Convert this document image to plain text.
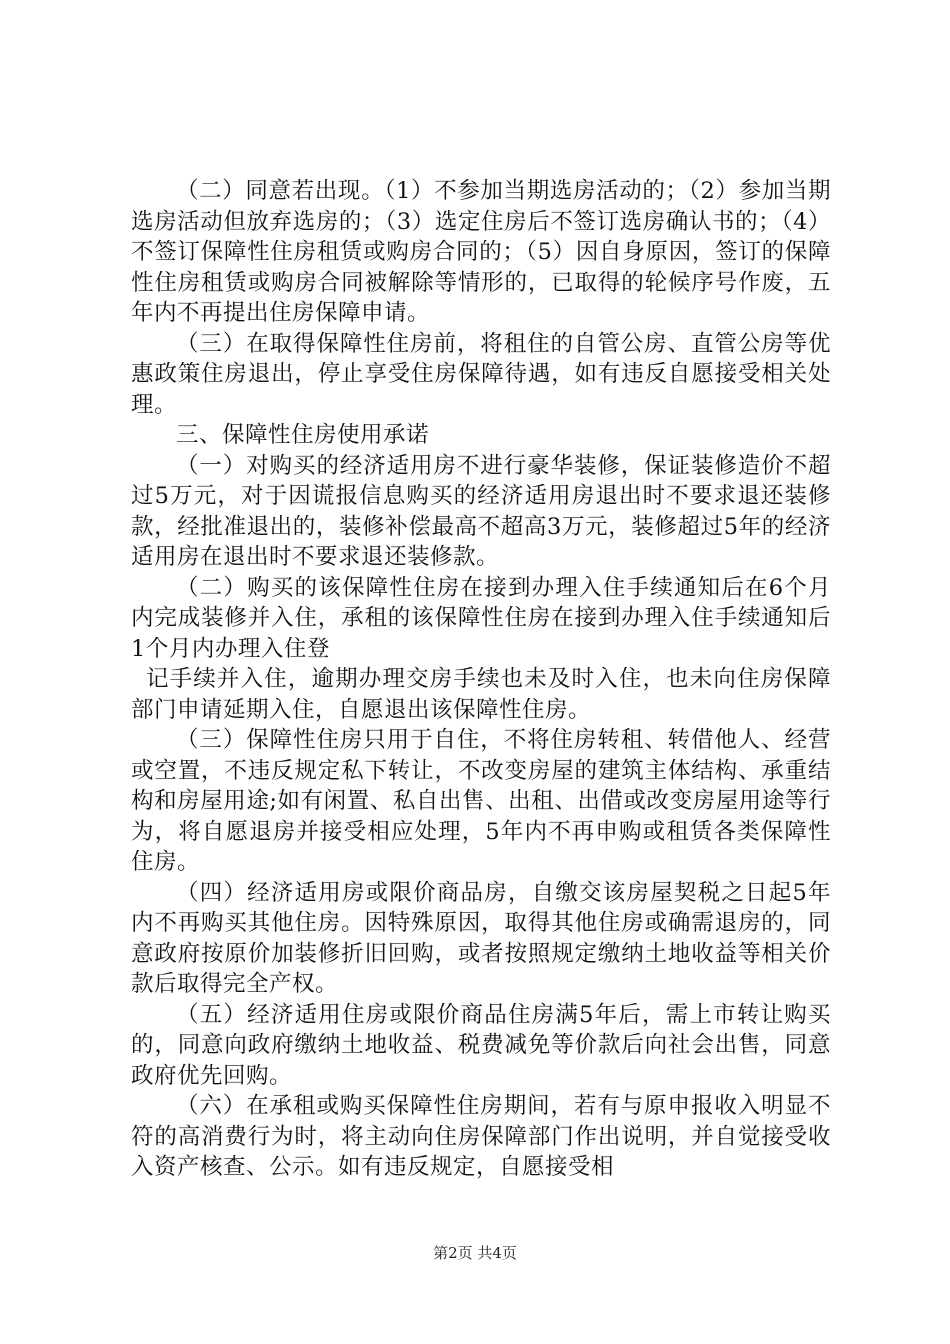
（二）同意若出现。（1）不参加当期选房活动的；（2）参加当期选房活动但放弃选房的；（3）选定住房后不签订选房确认书的；（4）不签订保障性住房租赁或购房合同的；（5）因自身原因，签订的保障性住房租赁或购房合同被解除等情形的，已取得的轮候序号作废，五年内不再提出住房保障申请。

（三）在取得保障性住房前，将租住的自管公房、直管公房等优惠政策住房退出，停止享受住房保障待遇，如有违反自愿接受相关处理。

三、保障性住房使用承诺

（一）对购买的经济适用房不进行豪华装修，保证装修造价不超过5万元，对于因谎报信息购买的经济适用房退出时不要求退还装修款，经批准退出的，装修补偿最高不超高3万元，装修超过5年的经济适用房在退出时不要求退还装修款。

（二）购买的该保障性住房在接到办理入住手续通知后在6个月内完成装修并入住，承租的该保障性住房在接到办理入住手续通知后1个月内办理入住登

记手续并入住，逾期办理交房手续也未及时入住，也未向住房保障部门申请延期入住，自愿退出该保障性住房。

（三）保障性住房只用于自住，不将住房转租、转借他人、经营或空置，不违反规定私下转让，不改变房屋的建筑主体结构、承重结构和房屋用途;如有闲置、私自出售、出租、出借或改变房屋用途等行为，将自愿退房并接受相应处理，5年内不再申购或租赁各类保障性住房。

（四）经济适用房或限价商品房，自缴交该房屋契税之日起5年内不再购买其他住房。因特殊原因，取得其他住房或确需退房的，同意政府按原价加装修折旧回购，或者按照规定缴纳土地收益等相关价款后取得完全产权。

（五）经济适用住房或限价商品住房满5年后，需上市转让购买的，同意向政府缴纳土地收益、税费减免等价款后向社会出售，同意政府优先回购。

（六）在承租或购买保障性住房期间，若有与原申报收入明显不符的高消费行为时，将主动向住房保障部门作出说明，并自觉接受收入资产核查、公示。如有违反规定，自愿接受相

第2页 共4页
